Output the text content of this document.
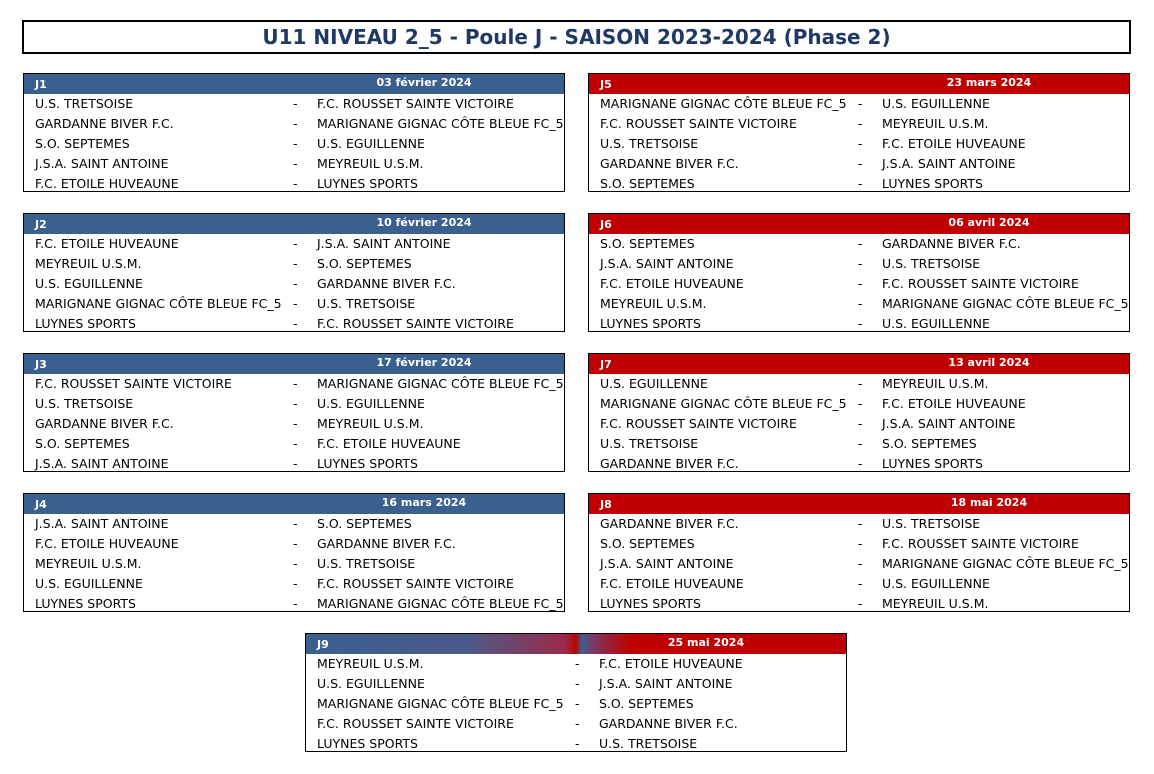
U11 NIVEAU 2_5 - Poule J - SAISON 2023-2024 (Phase 2)
J1	03 février 2024
U.S. TRETSOISE	- F.C. ROUSSET SAINTE VICTOIRE
GARDANNE BIVER F.C.	- MARIGNANE GIGNAC CÔTE BLEUE FC_5
S.O. SEPTEMES	- U.S. EGUILLENNE
J.S.A. SAINT ANTOINE	- MEYREUIL U.S.M.
F.C. ETOILE HUVEAUNE	- LUYNES SPORTS
J5	23 mars 2024
MARIGNANE GIGNAC CÔTE BLEUE FC_5 - U.S. EGUILLENNE
F.C. ROUSSET SAINTE VICTOIRE	- MEYREUIL U.S.M.
U.S. TRETSOISE	- F.C. ETOILE HUVEAUNE
GARDANNE BIVER F.C.	- J.S.A. SAINT ANTOINE
S.O. SEPTEMES	- LUYNES SPORTS
J2	10 février 2024
F.C. ETOILE HUVEAUNE	- J.S.A. SAINT ANTOINE
MEYREUIL U.S.M.	- S.O. SEPTEMES
U.S. EGUILLENNE	- GARDANNE BIVER F.C.
MARIGNANE GIGNAC CÔTE BLEUE FC_5 - U.S. TRETSOISE
LUYNES SPORTS	- F.C. ROUSSET SAINTE VICTOIRE
J6	06 avril 2024
S.O. SEPTEMES	- GARDANNE BIVER F.C.
J.S.A. SAINT ANTOINE	- U.S. TRETSOISE
F.C. ETOILE HUVEAUNE	- F.C. ROUSSET SAINTE VICTOIRE
MEYREUIL U.S.M.	- MARIGNANE GIGNAC CÔTE BLEUE FC_5
LUYNES SPORTS	- U.S. EGUILLENNE
J3	17 février 2024
F.C. ROUSSET SAINTE VICTOIRE	- MARIGNANE GIGNAC CÔTE BLEUE FC_5
U.S. TRETSOISE	- U.S. EGUILLENNE
GARDANNE BIVER F.C.	- MEYREUIL U.S.M.
S.O. SEPTEMES	- F.C. ETOILE HUVEAUNE
J.S.A. SAINT ANTOINE	- LUYNES SPORTS
J7	13 avril 2024
U.S. EGUILLENNE	- MEYREUIL U.S.M.
MARIGNANE GIGNAC CÔTE BLEUE FC_5 - F.C. ETOILE HUVEAUNE
F.C. ROUSSET SAINTE VICTOIRE	- J.S.A. SAINT ANTOINE
U.S. TRETSOISE	- S.O. SEPTEMES
GARDANNE BIVER F.C.	- LUYNES SPORTS
J4	16 mars 2024
J.S.A. SAINT ANTOINE	- S.O. SEPTEMES
F.C. ETOILE HUVEAUNE	- GARDANNE BIVER F.C.
MEYREUIL U.S.M.	- U.S. TRETSOISE
U.S. EGUILLENNE	- F.C. ROUSSET SAINTE VICTOIRE
LUYNES SPORTS	- MARIGNANE GIGNAC CÔTE BLEUE FC_5
J8	18 mai 2024
GARDANNE BIVER F.C.	- U.S. TRETSOISE
S.O. SEPTEMES	- F.C. ROUSSET SAINTE VICTOIRE
J.S.A. SAINT ANTOINE	- MARIGNANE GIGNAC CÔTE BLEUE FC_5
F.C. ETOILE HUVEAUNE	- U.S. EGUILLENNE
LUYNES SPORTS	- MEYREUIL U.S.M.
J9	25 mai 2024
MEYREUIL U.S.M.	- F.C. ETOILE HUVEAUNE
U.S. EGUILLENNE	- J.S.A. SAINT ANTOINE
MARIGNANE GIGNAC CÔTE BLEUE FC_5 - S.O. SEPTEMES
F.C. ROUSSET SAINTE VICTOIRE	- GARDANNE BIVER F.C.
LUYNES SPORTS	- U.S. TRETSOISE
